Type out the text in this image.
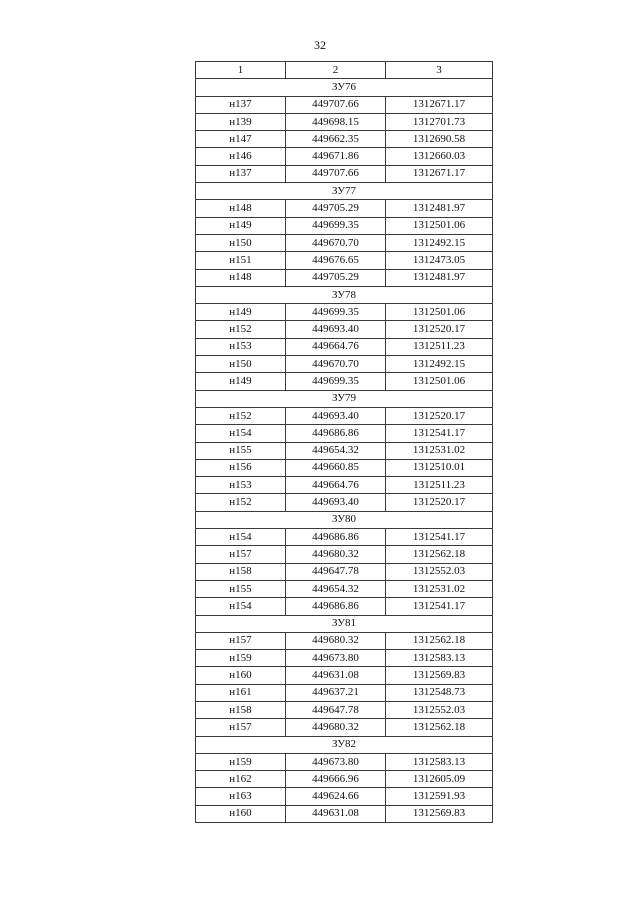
32
1	2	3
ЗУ76		
н137	449707.66	1312671.17
н139	449698.15	1312701.73
н147	449662.35	1312690.58
н146	449671.86	1312660.03
н137	449707.66	1312671.17
ЗУ77		
н148	449705.29	1312481.97
н149	449699.35	1312501.06
н150	449670.70	1312492.15
н151	449676.65	1312473.05
н148	449705.29	1312481.97
ЗУ78		
н149	449699.35	1312501.06
н152	449693.40	1312520.17
н153	449664.76	1312511.23
н150	449670.70	1312492.15
н149	449699.35	1312501.06
ЗУ79		
н152	449693.40	1312520.17
н154	449686.86	1312541.17
н155	449654.32	1312531.02
н156	449660.85	1312510.01
н153	449664.76	1312511.23
н152	449693.40	1312520.17
ЗУ80		
н154	449686.86	1312541.17
н157	449680.32	1312562.18
н158	449647.78	1312552.03
н155	449654.32	1312531.02
н154	449686.86	1312541.17
ЗУ81		
н157	449680.32	1312562.18
н159	449673.80	1312583.13
н160	449631.08	1312569.83
н161	449637.21	1312548.73
н158	449647.78	1312552.03
н157	449680.32	1312562.18
ЗУ82		
н159	449673.80	1312583.13
н162	449666.96	1312605.09
н163	449624.66	1312591.93
н160	449631.08	1312569.83
